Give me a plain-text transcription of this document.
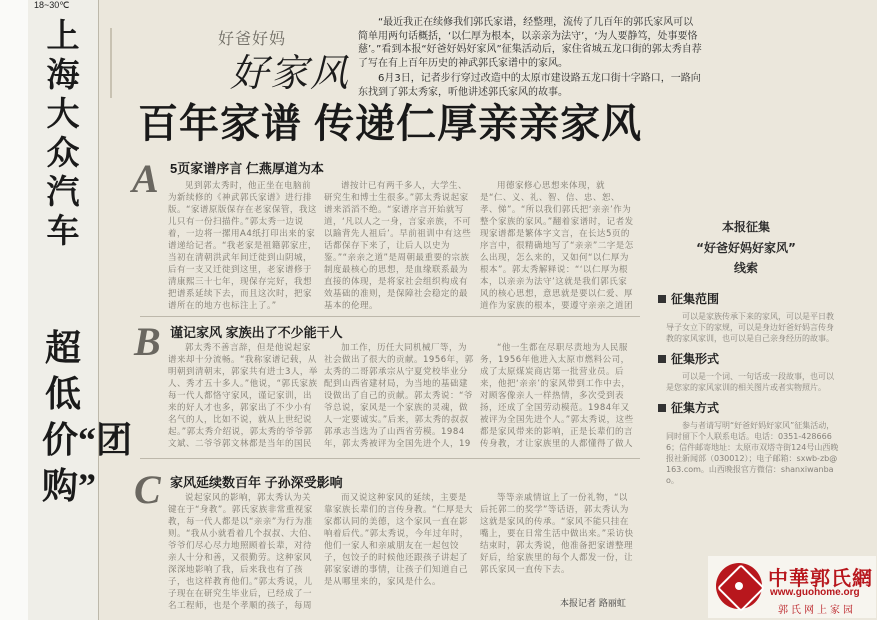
18~30℃
上海大众汽车
超低价“团购”
好爸好妈
好家风

“最近我正在续修我们郭氏家谱，经整理，流传了几百年的郭氏家风可以简单用两句话概括，‘以仁厚为根本，以亲亲为法守’，‘为人要静笃，处事要恪慈’。”看到本报“好爸好妈好家风”征集活动后，家住省城五龙口街的郭太秀自荐了写在有上百年历史的神武郭氏家谱中的家风。

6月3日，记者步行穿过改造中的太原市建设路五龙口街十字路口，一路向东找到了郭太秀家，听他讲述郭氏家风的故事。

百年家谱 传递仁厚亲亲家风
A 5页家谱序言 仁燕厚道为本

见到郭太秀时，他正坐在电脑前为新续修的《神武郭氏家谱》进行排版。“家谱原版保存在老家保管，我这儿只有一份扫描件。”郭太秀一边说着，一边将一摞用A4纸打印出来的家谱递给记者。“我老家是祖籍郭家庄，当初在清朝洪武年间迁徙到山阴城，后有一支又迁徙到这里，老家谱修于清康熙三十七年，现保存完好，我想把谱系延续下去，而且这次时，把家谱所在的地方也标注上了。”

谱按计已有两千多人，大学生、研究生和博士生很多。”郭太秀说起家谱来滔滔不绝。“家谱序言开始就写道，‘凡以人之一身，言家亲族，不可以踰背先人祖后’。早前祖训中有这些话都保存下来了，让后人以史为鉴。”“亲亲之道”是周朝最重要的宗族制度最核心的思想，是血缘联系最为直接的体现，是将家社会组织构成有效基础的准则，是保障社会稳定的最基本的伦理。

用德家修心思想来体现，就是“仁、义、礼、智、信、忠、恕、孝、悌”。“所以我们郭氏把‘亲亲’作为整个家族的家风。”翻着家谱时，记者发现家谱都是繁体字文言，在长达5页的序言中，很精确地写了“亲亲”二字是怎么出现，怎么来的，又如何“以仁厚为根本”。郭太秀解释说：“‘以仁厚为根本，以亲亲为法守’这就是我们郭氏家风的核心思想，意思就是要以仁爱、厚道作为家族的根本，要遵守亲亲之道团

B 谨记家风 家族出了不少能干人

郭太秀不善言辞，但是他说起家谱来却十分流畅。“我称家谱记载，从明朝到清朝末，郭家共有进士3人，举人、秀才五十多人。”他说，“郭氏家族每一代人都恪守家风，谨记家训，出来的好人才也多，郭家出了不少小有名气的人，比如不说，就从上世纪说起。”郭太秀介绍说，郭太秀的爷爷郭文斌、二爷爷郭文林都是当年的国民

加工作，历任大同机械厂等，为社会做出了很大的贡献。1956年，郭太秀的二哥郭承宗从宁夏党校毕业分配到山西省建材局，为当地的基础建设做出了自己的贡献。郭太秀说：“爷爷总说，家风是一个家族的灵魂，做人一定要诚实。”后来，郭太秀的叔叔郭承志当选为了山西省劳模。1984年，郭太秀被评为全国先进个人，19

“他一生都在尽职尽责地为人民服务，1956年他进入太原市燃料公司，成了太原煤炭商店第一批营业员。后来，他把‘亲亲’的家风带到工作中去，对顾客像亲人一样热情，多次受到表扬，还成了全国劳动模范。1984年又被评为全国先进个人。”郭太秀说，这些都是家风带来的影响，正是长辈们的言传身教，才让家族里的人都懂得了做人

C 家风延续数百年 子孙深受影响

说起家风的影响，郭太秀认为关键在于“身教”。郭氏家族非常重视家教，每一代人都是以“亲亲”为行为准则。“我从小就看着几个叔叔、大伯、爷爷们尽心尽力地照顾着长辈，对待亲人十分和善，又很勤劳。这种家风深深地影响了我，后来我也有了孩子，也这样教育他们。”郭太秀说，儿子现在在研究生毕业后，已经成了一名工程师，也是个孝顺的孩子，每周

而又说这种家风的延续，主要是靠家族长辈们的言传身教。“仁厚是大家都认同的美德，这个家风一直在影响着后代。”郭太秀说，今年过年时，他们一家人和亲戚朋友在一起包饺子，包饺子的时候他还跟孩子讲起了郭家家谱的事情，让孩子们知道自己是从哪里来的，家风是什么。

等等亲戚情谊上了一份礼物，“以后托郭二的奖学”等话语，郭太秀认为这就是家风的传承。“家风不能只挂在嘴上，要在日常生活中做出来。”采访快结束时，郭太秀说，他准备把家谱整理好后，给家族里的每个人都发一份，让郭氏家风一直传下去。

本报记者 路丽虹
本报征集
“好爸好妈好家风”
线索
征集范围
可以是家族传承下来的家风，可以是平日教导子女立下的家规，可以是身边好爸好妈言传身教的家风家训，也可以是自己亲身经历的故事。
征集形式
可以是一个词、一句话或一段故事，也可以是您家的家风家训的相关图片或者实物照片。
征集方式
参与者请写明“好爸好妈好家风”征集活动，同时留下个人联系电话。电话：0351-4286666；信件邮寄地址：太原市双塔寺街124号山西晚报社新闻部（030012）；电子邮箱：sxwb-zb@163.com。山西晚报官方微信：shanxiwanbao。
中華郭氏網
www.guohome.org
郭氏网上家园
